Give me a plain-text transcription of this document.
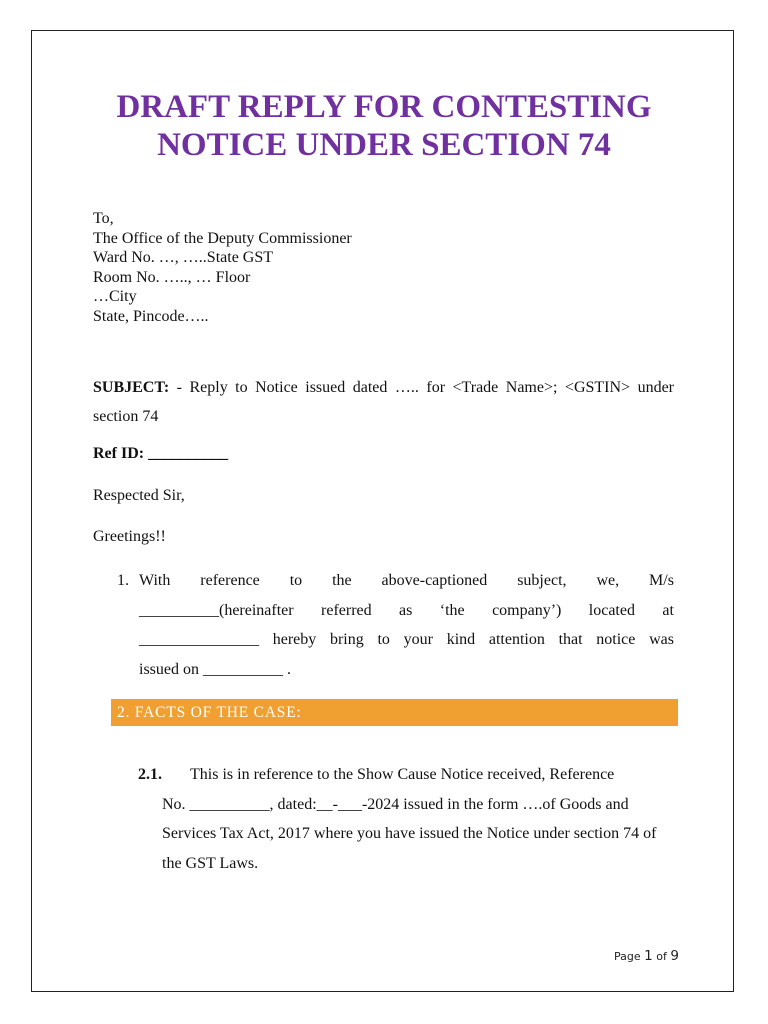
DRAFT REPLY FOR CONTESTING
NOTICE UNDER SECTION 74
To,
The Office of the Deputy Commissioner
Ward No. …, …..State GST
Room No. ….., … Floor
…City
State, Pincode…..
SUBJECT: - Reply to Notice issued dated ….. for <Trade Name>; <GSTIN> under section 74
Ref ID: __________
Respected Sir,
Greetings!!
1. With reference to the above-captioned subject, we, M/s
__________(hereinafter referred as ‘the company’) located at
_______________ hereby bring to your kind attention that notice was
issued on __________ .
2. FACTS OF THE CASE:
2.1. This is in reference to the Show Cause Notice received, Reference
No. __________, dated:__-___-2024 issued in the form ….of Goods and Services Tax Act, 2017 where you have issued the Notice under section 74 of the GST Laws.
Page 1 of 9
